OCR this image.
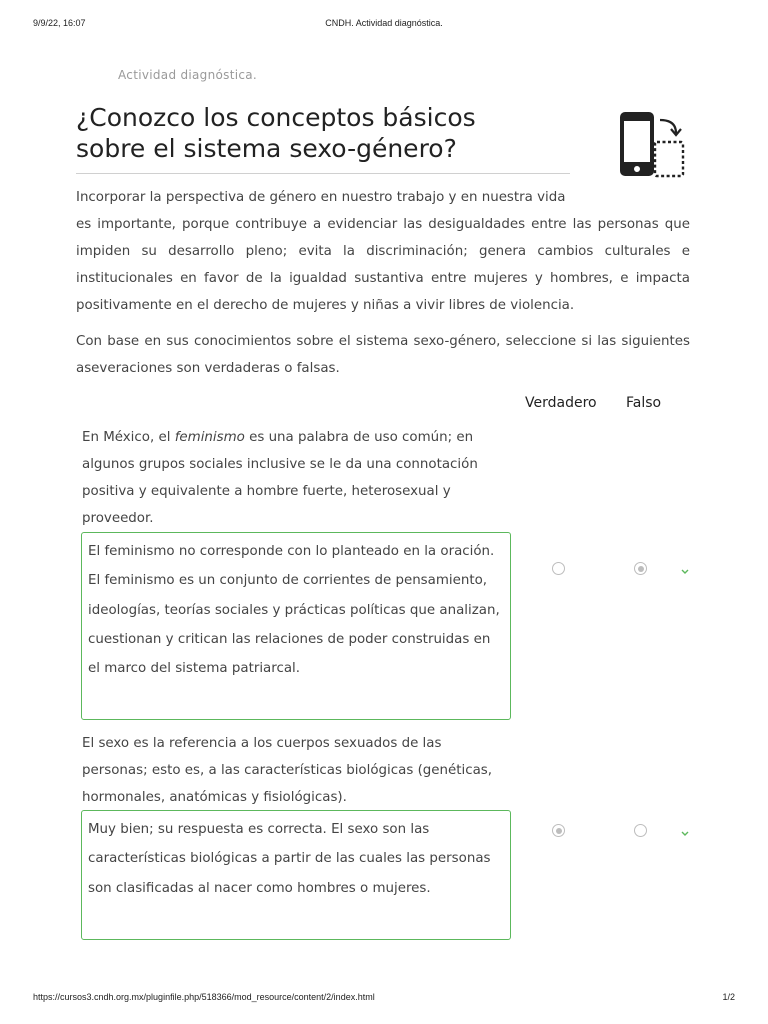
9/9/22, 16:07	CNDH. Actividad diagnóstica.
Actividad diagnóstica.
¿Conozco los conceptos básicos
sobre el sistema sexo-género?

Incorporar la perspectiva de género en nuestro trabajo y en nuestra vida

es importante, porque contribuye a evidenciar las desigualdades entre las personas que impiden su desarrollo pleno; evita la discriminación; genera cambios culturales e institucionales en favor de la igualdad sustantiva entre mujeres y hombres, e impacta positivamente en el derecho de mujeres y niñas a vivir libres de violencia.

Con base en sus conocimientos sobre el sistema sexo-género, seleccione si las siguientes aseveraciones son verdaderas o falsas.

Verdadero Falso
En México, el feminismo es una palabra de uso común; en algunos grupos sociales inclusive se le da una connotación positiva y equivalente a hombre fuerte, heterosexual y proveedor.
El feminismo no corresponde con lo planteado en la oración. El feminismo es un conjunto de corrientes de pensamiento, ideologías, teorías sociales y prácticas políticas que analizan, cuestionan y critican las relaciones de poder construidas en el marco del sistema patriarcal.
El sexo es la referencia a los cuerpos sexuados de las personas; esto es, a las características biológicas (genéticas, hormonales, anatómicas y fisiológicas).
Muy bien; su respuesta es correcta. El sexo son las características biológicas a partir de las cuales las personas son clasificadas al nacer como hombres o mujeres.
https://cursos3.cndh.org.mx/pluginfile.php/518366/mod_resource/content/2/index.html	1/2
